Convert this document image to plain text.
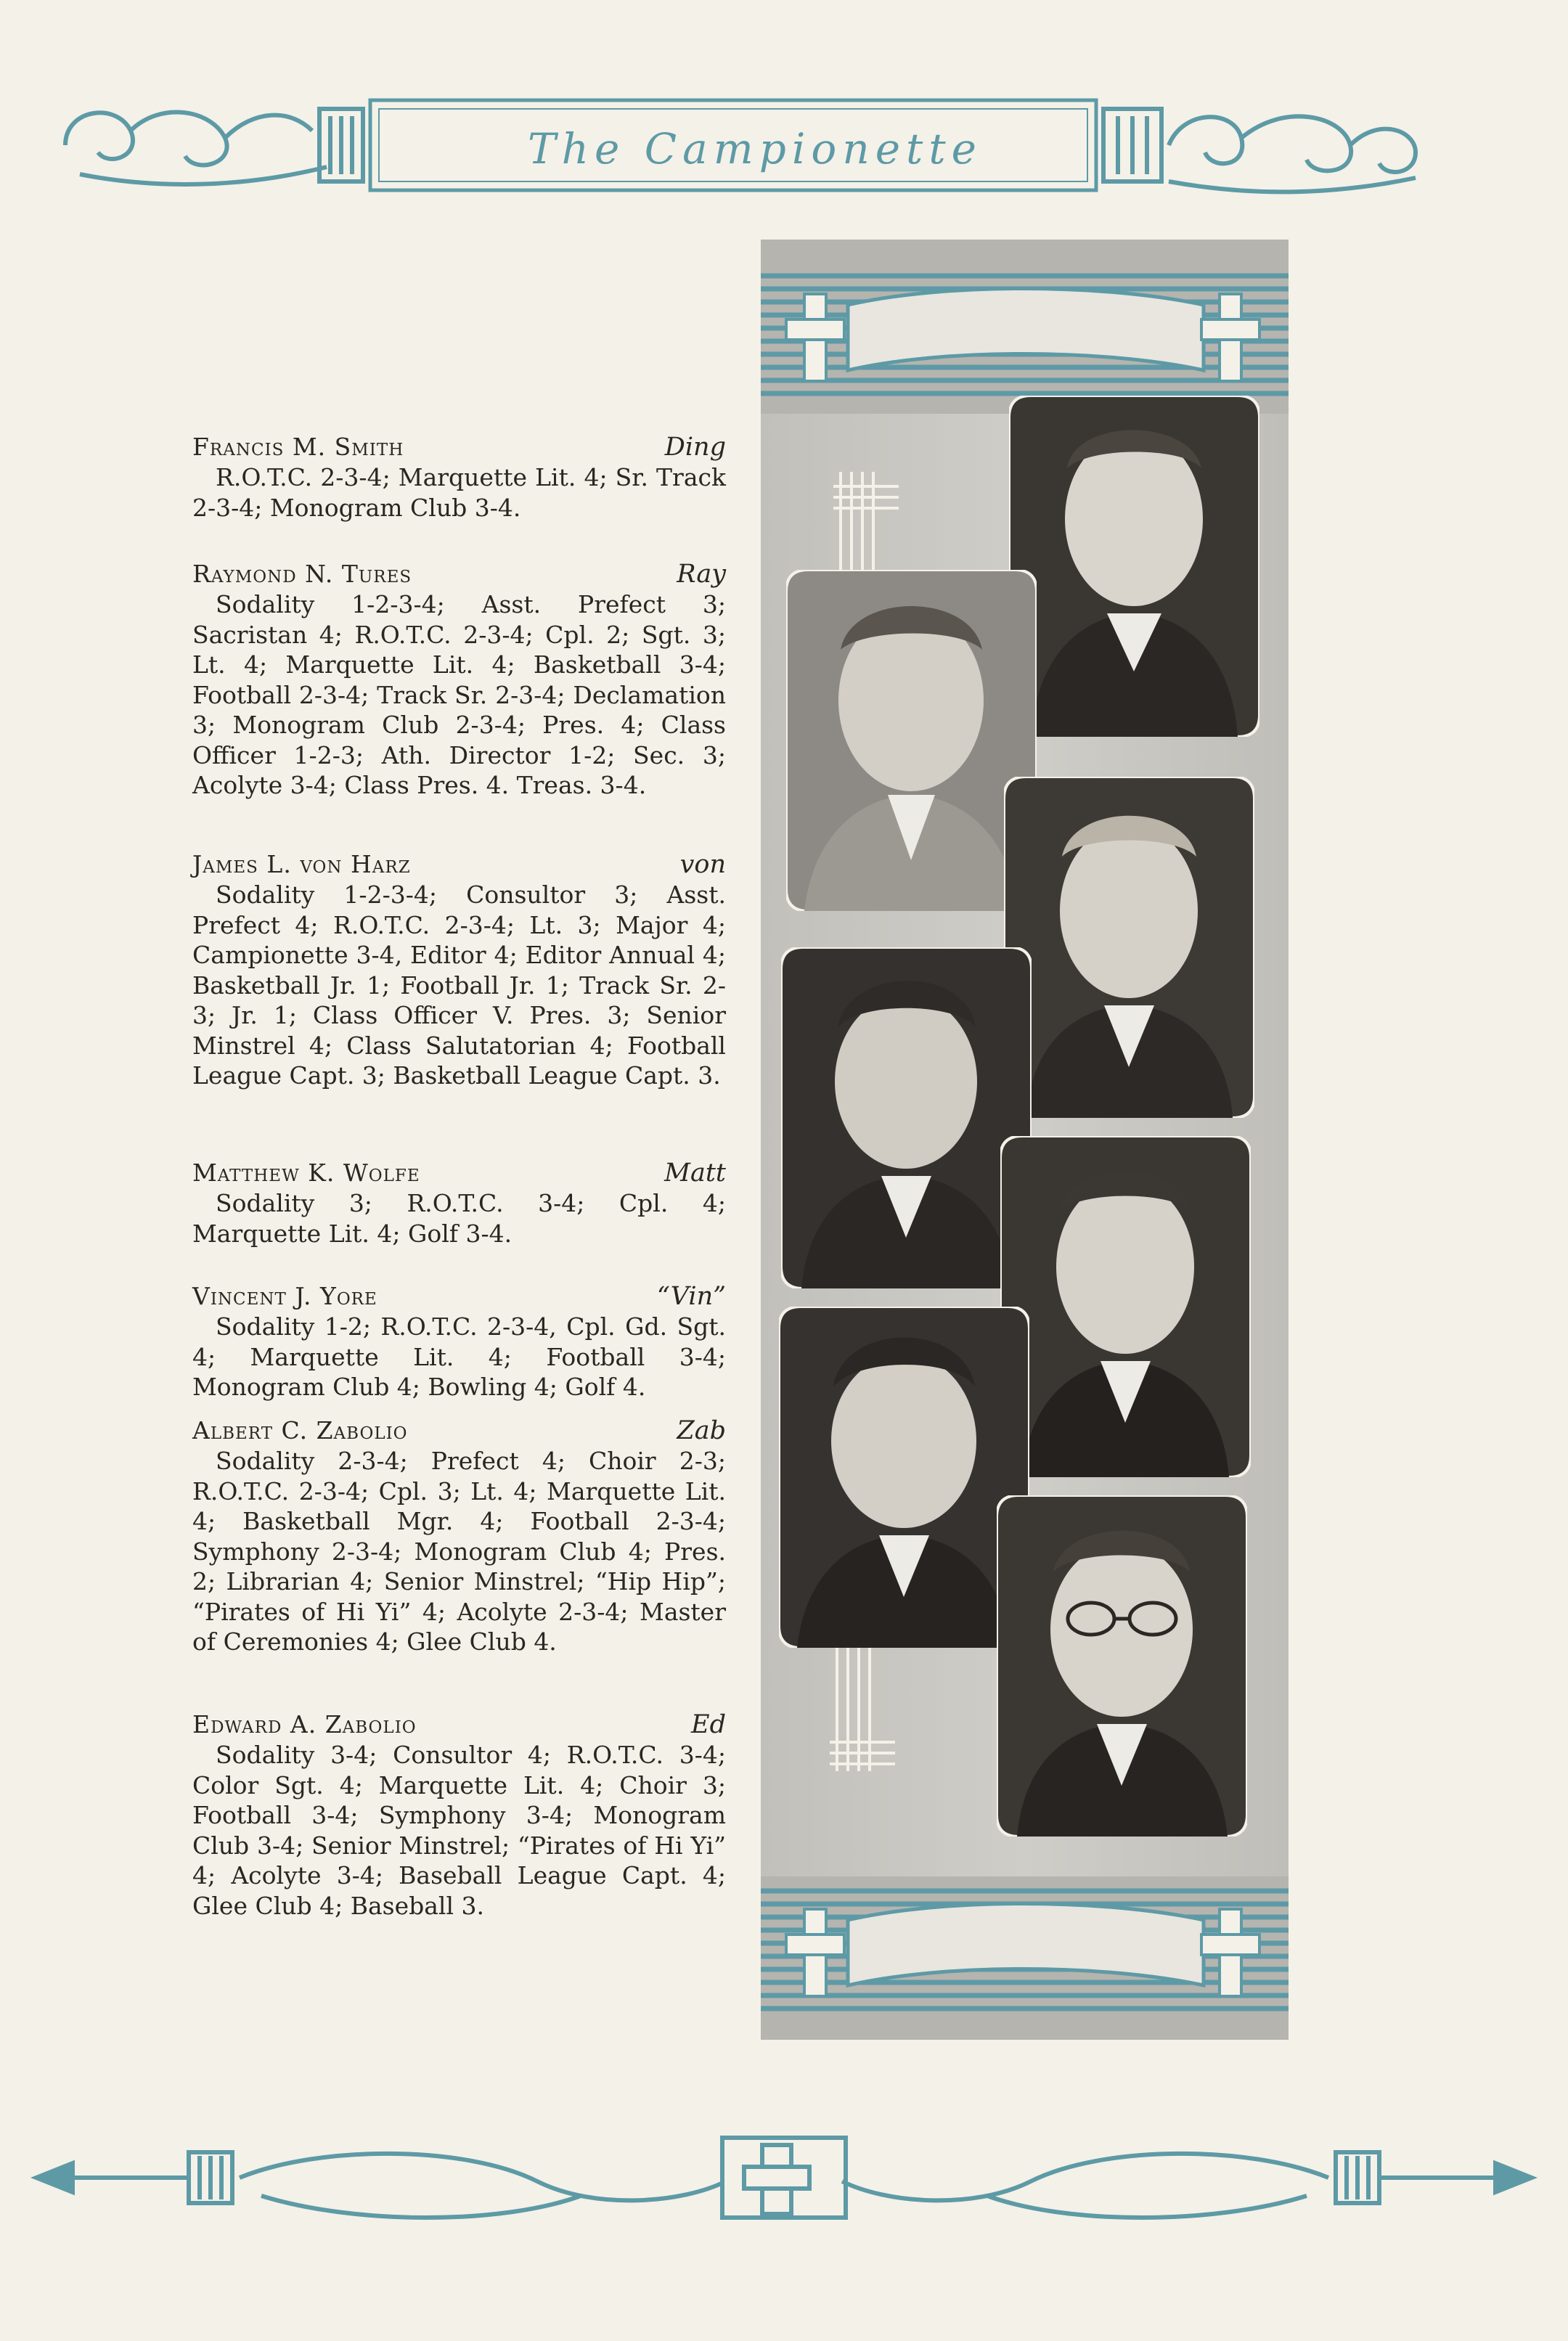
The Campionette
Francis M. Smith	Ding

R.O.T.C. 2-3-4; Marquette Lit. 4; Sr. Track 2-3-4; Monogram Club 3-4.

Raymond N. Tures	Ray

Sodality 1-2-3-4; Asst. Prefect 3; Sacristan 4; R.O.T.C. 2-3-4; Cpl. 2; Sgt. 3; Lt. 4; Marquette Lit. 4; Basketball 3-4; Football 2-3-4; Track Sr. 2-3-4; Declamation 3; Monogram Club 2-3-4; Pres. 4; Class Officer 1-2-3; Ath. Director 1-2; Sec. 3; Acolyte 3-4; Class Pres. 4. Treas. 3-4.

James L. von Harz	von

Sodality 1-2-3-4; Consultor 3; Asst. Prefect 4; R.O.T.C. 2-3-4; Lt. 3; Major 4; Campionette 3-4, Editor 4; Editor Annual 4; Basketball Jr. 1; Football Jr. 1; Track Sr. 2-3; Jr. 1; Class Officer V. Pres. 3; Senior Minstrel 4; Class Salutatorian 4; Football League Capt. 3; Basketball League Capt. 3.

Matthew K. Wolfe	Matt

Sodality 3; R.O.T.C. 3-4; Cpl. 4; Marquette Lit. 4; Golf 3-4.

Vincent J. Yore	“Vin”

Sodality 1-2; R.O.T.C. 2-3-4, Cpl. Gd. Sgt. 4; Marquette Lit. 4; Football 3-4; Monogram Club 4; Bowling 4; Golf 4.

Albert C. Zabolio	Zab

Sodality 2-3-4; Prefect 4; Choir 2-3; R.O.T.C. 2-3-4; Cpl. 3; Lt. 4; Marquette Lit. 4; Basketball Mgr. 4; Football 2-3-4; Symphony 2-3-4; Monogram Club 4; Pres. 2; Librarian 4; Senior Minstrel; “Hip Hip”; “Pirates of Hi Yi” 4; Acolyte 2-3-4; Master of Ceremonies 4; Glee Club 4.

Edward A. Zabolio	Ed

Sodality 3-4; Consultor 4; R.O.T.C. 3-4; Color Sgt. 4; Marquette Lit. 4; Choir 3; Football 3-4; Symphony 3-4; Monogram Club 3-4; Senior Minstrel; “Pirates of Hi Yi” 4; Acolyte 3-4; Baseball League Capt. 4; Glee Club 4; Baseball 3.
